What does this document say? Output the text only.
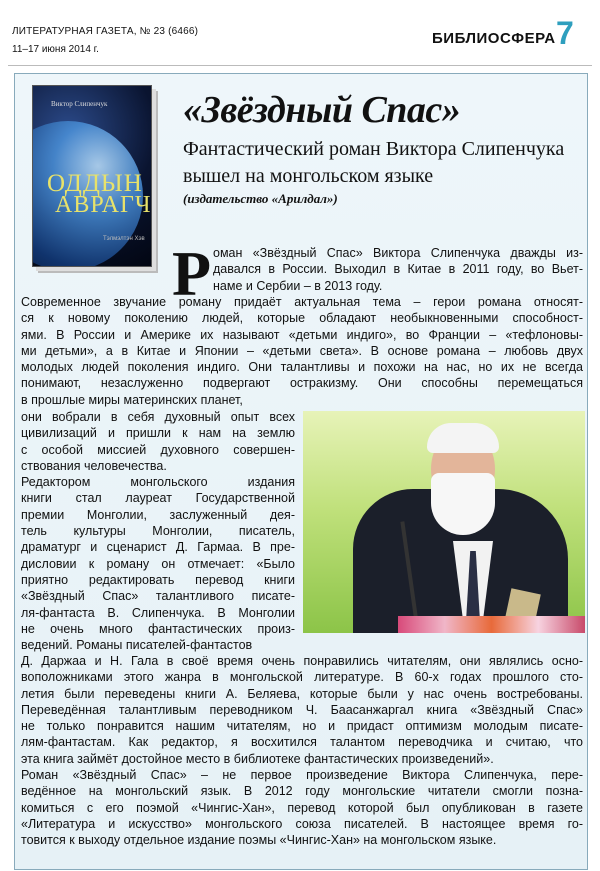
ЛИТЕРАТУРНАЯ ГАЗЕТА, № 23 (6466)
11–17 июня 2014 г.
БИБЛИОСФЕРА 7
Виктор Слипенчук
ОДДЫН
АВРАГЧ
Тэлмэлтэн Хэв
«Звёздный Спас»
Фантастический роман Виктора Слипенчука
вышел на монгольском языке
(издательство «Арилдал»)
Р оман «Звёздный Спас» Виктора Слипенчука дважды из-
давался в России. Выходил в Китае в 2011 году, во Вьет-
наме и Сербии – в 2013 году.
Современное звучание роману придаёт актуальная тема – герои романа относят-
ся к новому поколению людей, которые обладают необыкновенными способност-
ями. В России и Америке их называют «детьми индиго», во Франции – «тефлоновы-
ми детьми», а в Китае и Японии – «детьми света». В основе романа – любовь двух
молодых людей поколения индиго. Они талантливы и похожи на нас, но их не всегда
понимают, незаслуженно подвергают остракизму. Они способны перемещаться
в прошлые миры материнских планет,
они вобрали в себя духовный опыт всех
цивилизаций и пришли к нам на землю
с особой миссией духовного совершен-
ствования человечества.
Редактором монгольского издания
книги стал лауреат Государственной
премии Монголии, заслуженный дея-
тель культуры Монголии, писатель,
драматург и сценарист Д. Гармаа. В пре-
дисловии к роману он отмечает: «Было
приятно редактировать перевод книги
«Звёздный Спас» талантливого писате-
ля-фантаста В. Слипенчука. В Монголии
не очень много фантастических произ-
ведений. Романы писателей-фантастов
Д. Даржаа и Н. Гала в своё время очень понравились читателям, они являлись осно-
воположниками этого жанра в монгольской литературе. В 60-х годах прошлого сто-
летия были переведены книги А. Беляева, которые были у нас очень востребованы.
Переведённая талантливым переводником Ч. Баасанжаргал книга «Звёздный Спас»
не только понравится нашим читателям, но и придаст оптимизм молодым писате-
лям-фантастам. Как редактор, я восхитился талантом переводчика и считаю, что
эта книга займёт достойное место в библиотеке фантастических произведений».
Роман «Звёздный Спас» – не первое произведение Виктора Слипенчука, пере-
ведённое на монгольский язык. В 2012 году монгольские читатели смогли позна-
комиться с его поэмой «Чингис-Хан», перевод которой был опубликован в газете
«Литература и искусство» монгольского союза писателей. В настоящее время го-
товится к выходу отдельное издание поэмы «Чингис-Хан» на монгольском языке.
